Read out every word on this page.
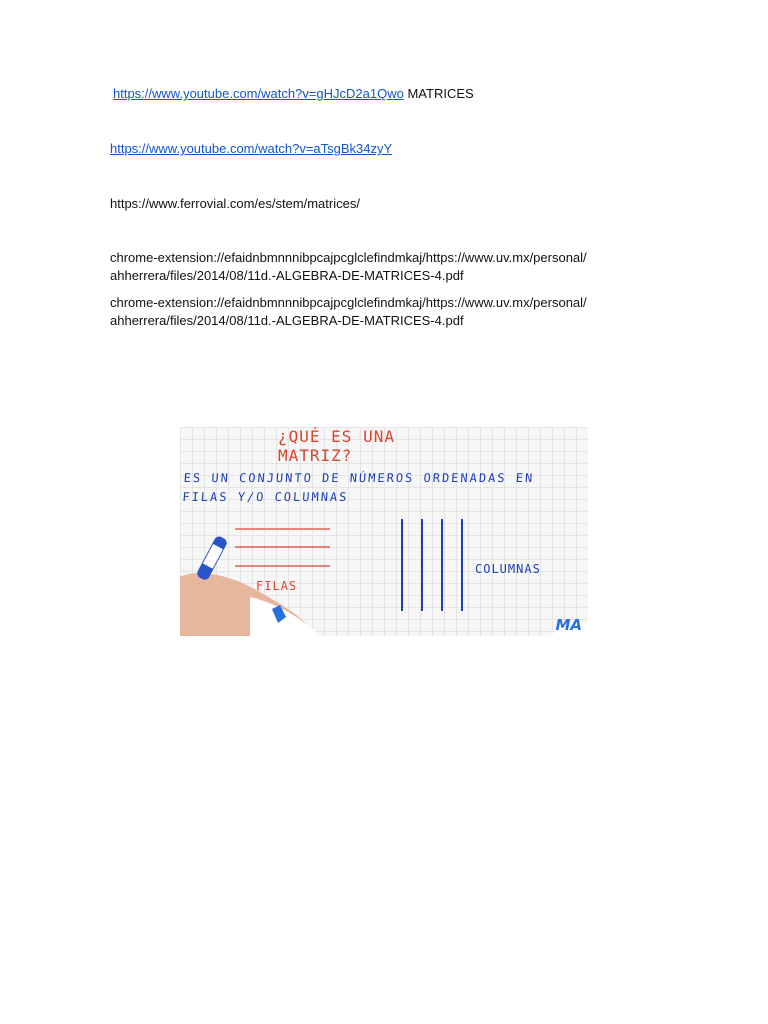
https://www.youtube.com/watch?v=gHJcD2a1Qwo MATRICES
https://www.youtube.com/watch?v=aTsgBk34zyY
https://www.ferrovial.com/es/stem/matrices/
chrome-extension://efaidnbmnnnibpcajpcglclefindmkaj/https://www.uv.mx/personal/
ahherrera/files/2014/08/11d.-ALGEBRA-DE-MATRICES-4.pdf
chrome-extension://efaidnbmnnnibpcajpcglclefindmkaj/https://www.uv.mx/personal/
ahherrera/files/2014/08/11d.-ALGEBRA-DE-MATRICES-4.pdf
¿QUÉ ES UNA MATRIZ?
ES UN CONJUNTO DE NÚMEROS ORDENADAS EN FILAS Y/O COLUMNAS
FILAS
COLUMNAS
MA
